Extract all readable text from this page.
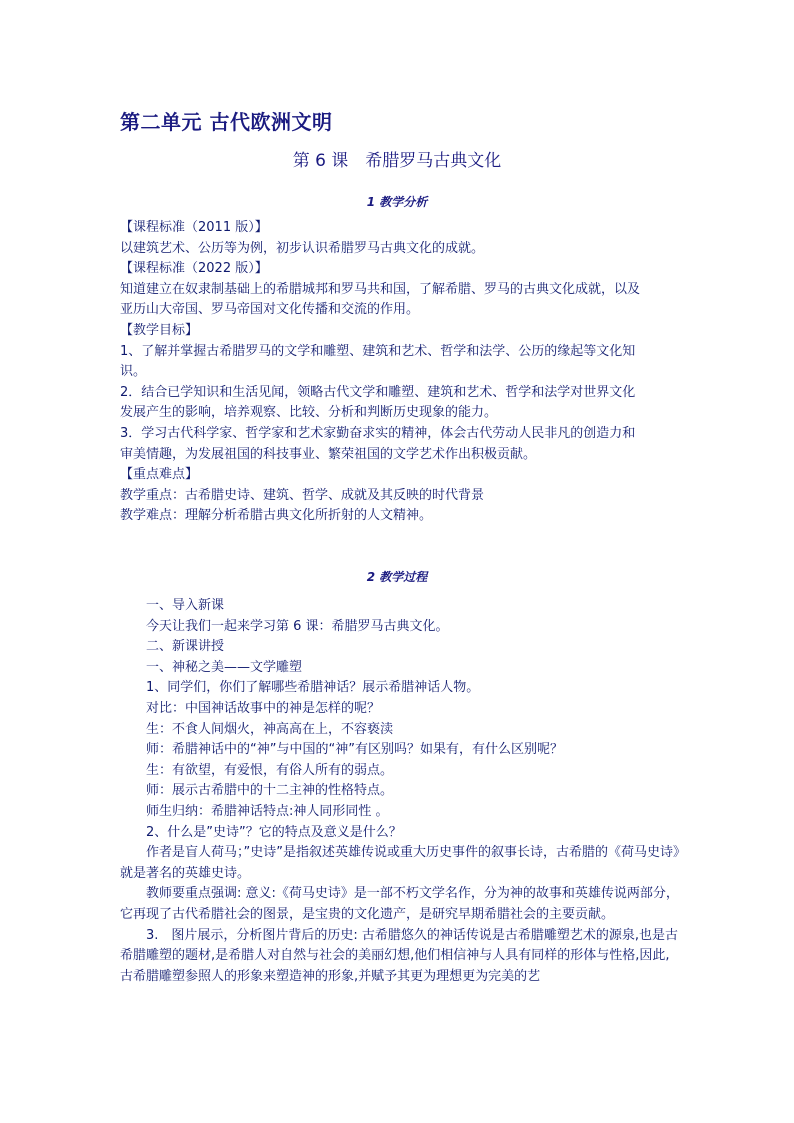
第二单元 古代欧洲文明
第 6 课　希腊罗马古典文化
1 教学分析
【课程标准（2011 版）】
以建筑艺术、公历等为例，初步认识希腊罗马古典文化的成就。
【课程标准（2022 版）】
知道建立在奴隶制基础上的希腊城邦和罗马共和国，了解希腊、罗马的古典文化成就，以及
亚历山大帝国、罗马帝国对文化传播和交流的作用。
【教学目标】
1、了解并掌握古希腊罗马的文学和雕塑、建筑和艺术、哲学和法学、公历的缘起等文化知
识。
2．结合已学知识和生活见闻，领略古代文学和雕塑、建筑和艺术、哲学和法学对世界文化
发展产生的影响，培养观察、比较、分析和判断历史现象的能力。
3．学习古代科学家、哲学家和艺术家勤奋求实的精神，体会古代劳动人民非凡的创造力和
审美情趣，为发展祖国的科技事业、繁荣祖国的文学艺术作出积极贡献。
【重点难点】
教学重点：古希腊史诗、建筑、哲学、成就及其反映的时代背景
教学难点：理解分析希腊古典文化所折射的人文精神。
2 教学过程
一、导入新课
今天让我们一起来学习第 6 课：希腊罗马古典文化。
二、新课讲授
一、神秘之美——文学雕塑
1、同学们，你们了解哪些希腊神话？展示希腊神话人物。
对比：中国神话故事中的神是怎样的呢？
生：不食人间烟火，神高高在上，不容亵渎
师：希腊神话中的“神”与中国的“神”有区别吗？如果有，有什么区别呢？
生：有欲望，有爱恨，有俗人所有的弱点。
师：展示古希腊中的十二主神的性格特点。
师生归纳：希腊神话特点:神人同形同性 。
2、什么是”史诗”？它的特点及意义是什么？
作者是盲人荷马；”史诗”是指叙述英雄传说或重大历史事件的叙事长诗，古希腊的《荷马史诗》就是著名的英雄史诗。
教师要重点强调: 意义:《荷马史诗》是一部不朽文学名作，分为神的故事和英雄传说两部分，它再现了古代希腊社会的图景，是宝贵的文化遗产，是研究早期希腊社会的主要贡献。
3.　图片展示，分析图片背后的历史: 古希腊悠久的神话传说是古希腊雕塑艺术的源泉,也是古希腊雕塑的题材,是希腊人对自然与社会的美丽幻想,他们相信神与人具有同样的形体与性格,因此,古希腊雕塑参照人的形象来塑造神的形象,并赋予其更为理想更为完美的艺
